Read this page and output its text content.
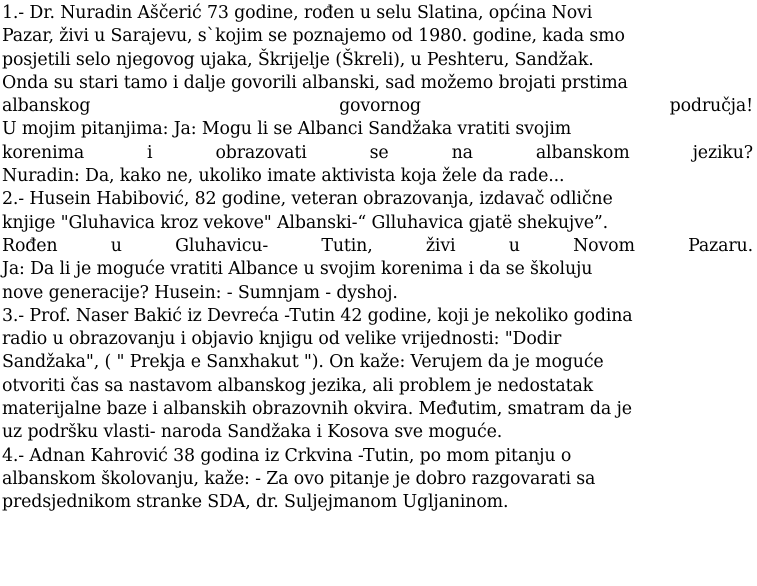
1.- Dr. Nuradin Aščerić 73 godine, rođen u selu Slatina, općina Novi
Pazar, živi u Sarajevu, s`kojim se poznajemo od 1980. godine, kada smo
posjetili selo njegovog ujaka, Škrijelje (Škreli), u Peshteru, Sandžak.
Onda su stari tamo i dalje govorili albanski, sad možemo brojati prstima
albanskog	govornog	područja!
U mojim pitanjima: Ja: Mogu li se Albanci Sandžaka vratiti svojim
korenima	i	obrazovati	se	na	albanskom	jeziku?
Nuradin: Da, kako ne, ukoliko imate aktivista koja žele da rade...
2.- Husein Habibović, 82 godine, veteran obrazovanja, izdavač odlične
knjige "Gluhavica kroz vekove" Albanski-“ Glluhavica gjatë shekujve”.
Rođen	u	Gluhavicu-	Tutin,	živi	u	Novom	Pazaru.
Ja: Da li je moguće vratiti Albance u svojim korenima i da se školuju
nove generacije? Husein: - Sumnjam - dyshoj.
3.- Prof. Naser Bakić iz Devreća -Tutin 42 godine, koji je nekoliko godina
radio u obrazovanju i objavio knjigu od velike vrijednosti: "Dodir
Sandžaka", ( " Prekja e Sanxhakut "). On kaže: Verujem da je moguće
otvoriti čas sa nastavom albanskog jezika, ali problem je nedostatak
materijalne baze i albanskih obrazovnih okvira. Međutim, smatram da je
uz podršku vlasti- naroda Sandžaka i Kosova sve moguće.
4.- Adnan Kahrović 38 godina iz Crkvina -Tutin, po mom pitanju o
albanskom školovanju, kaže: - Za ovo pitanje je dobro razgovarati sa
predsjednikom stranke SDA, dr. Suljejmanom Ugljaninom.
